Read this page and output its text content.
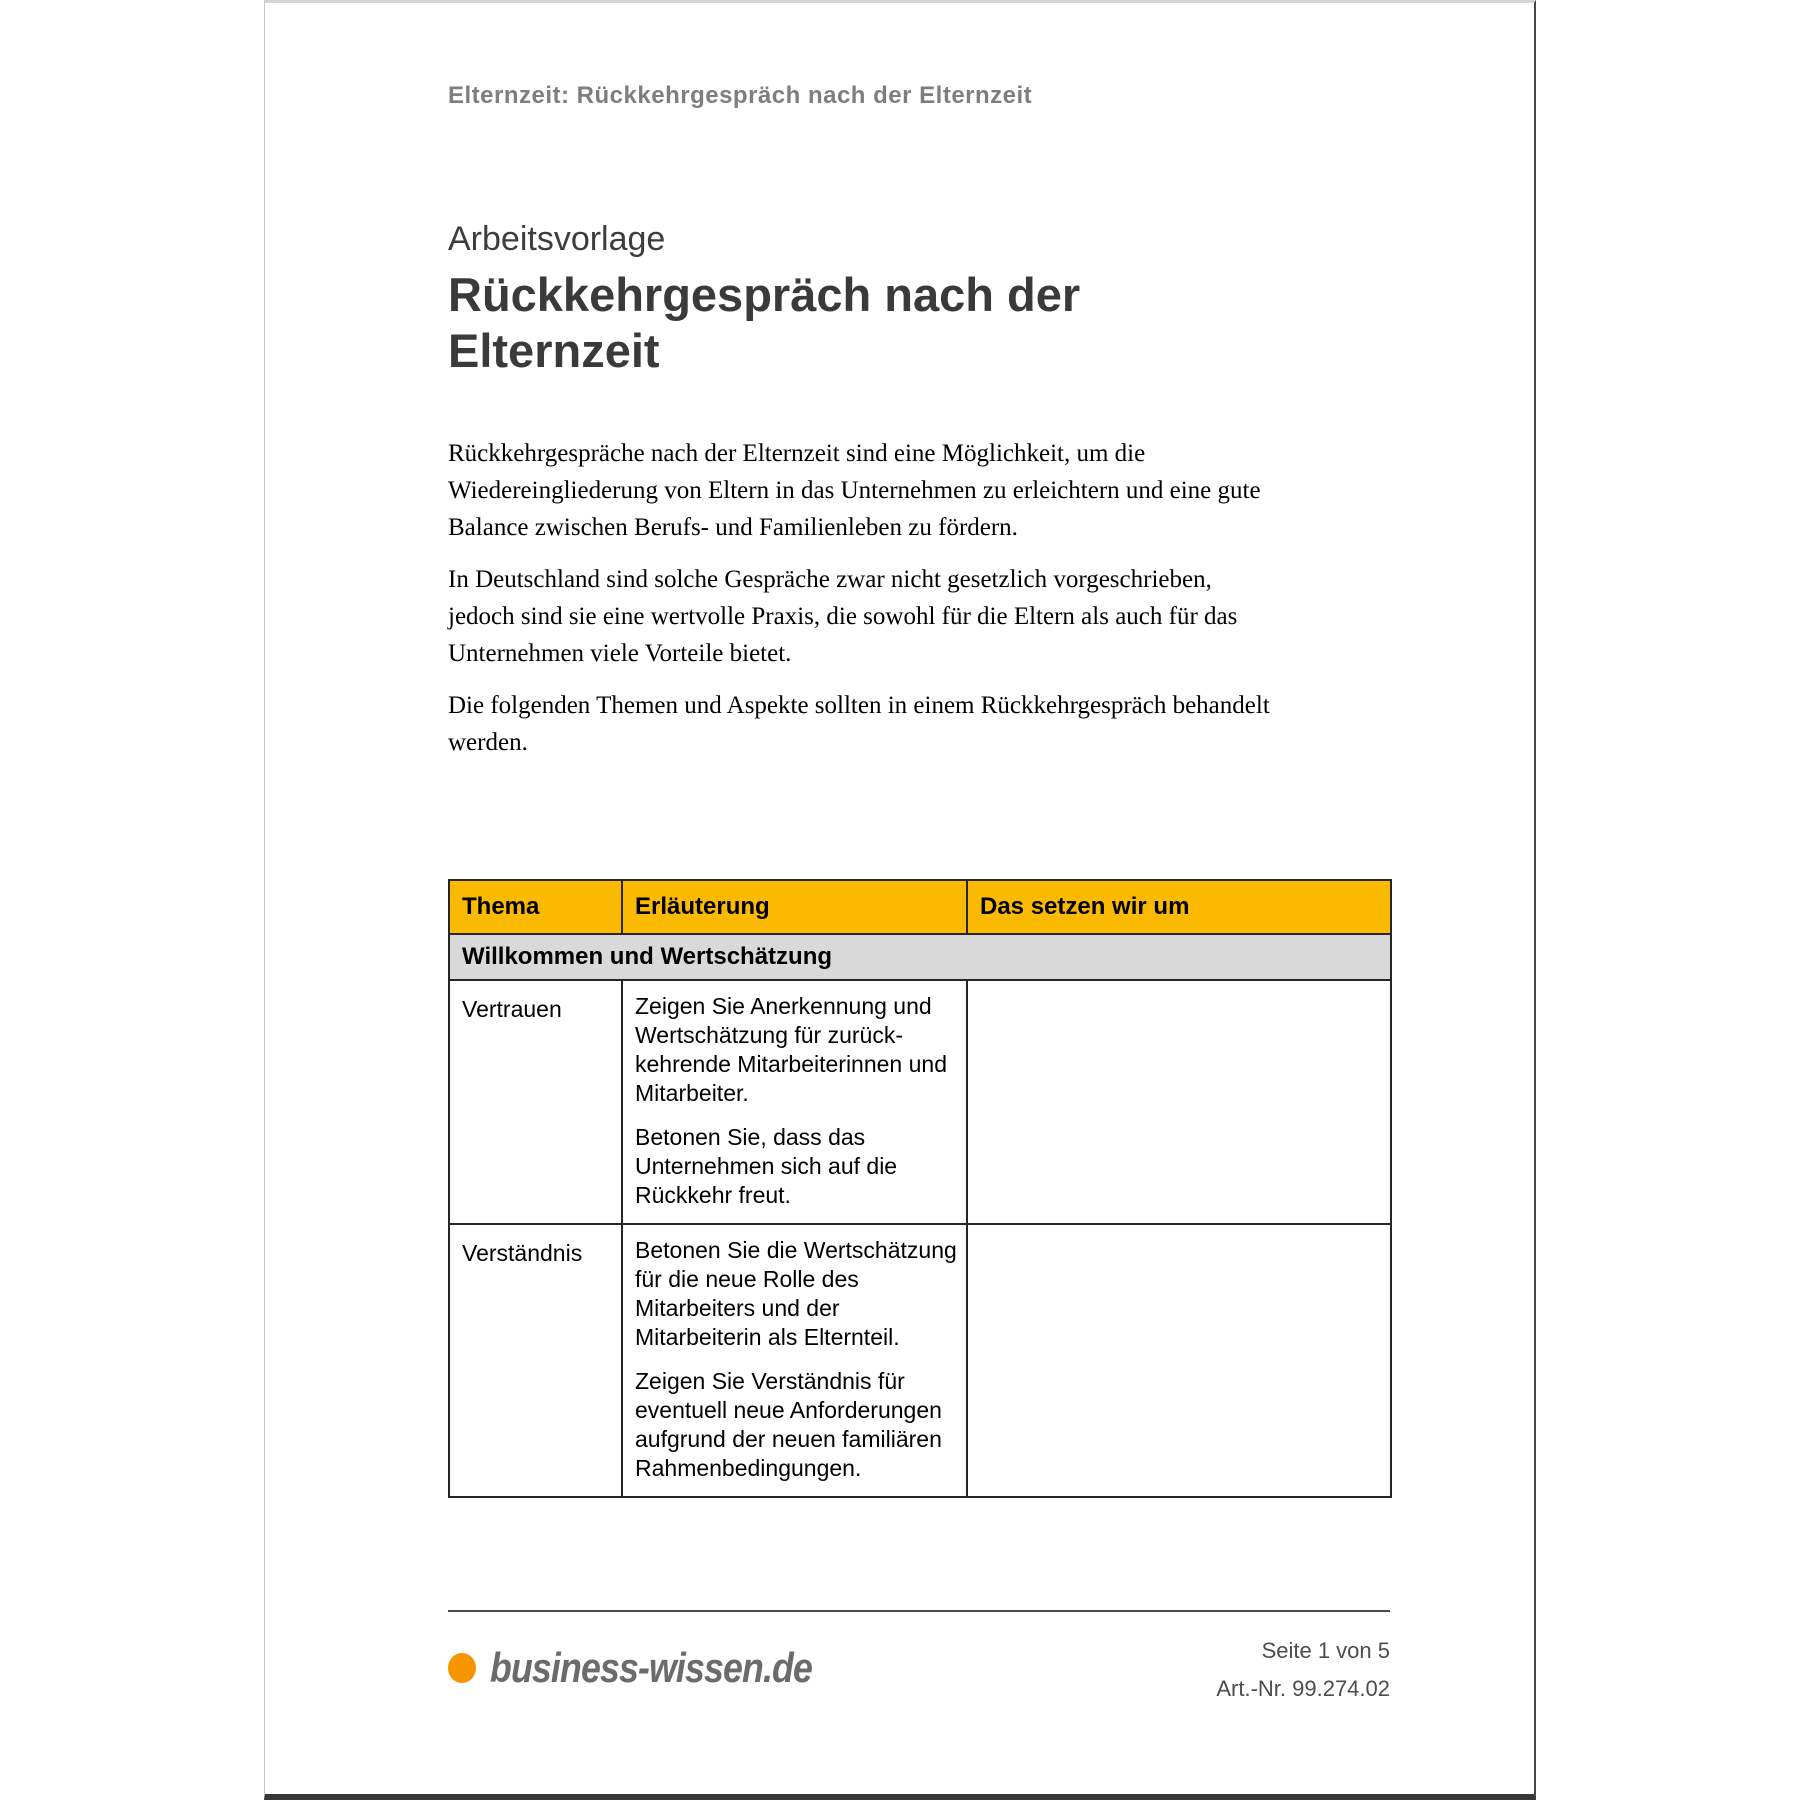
Elternzeit: Rückkehrgespräch nach der Elternzeit
Arbeitsvorlage
Rückkehrgespräch nach der Elternzeit

Rückkehrgespräche nach der Elternzeit sind eine Möglichkeit, um die Wiedereingliederung von Eltern in das Unternehmen zu erleichtern und eine gute Balance zwischen Berufs- und Familienleben zu fördern.

In Deutschland sind solche Gespräche zwar nicht gesetzlich vorgeschrieben, jedoch sind sie eine wertvolle Praxis, die sowohl für die Eltern als auch für das Unternehmen viele Vorteile bietet.

Die folgenden Themen und Aspekte sollten in einem Rückkehrgespräch behandelt werden.

Thema	Erläuterung	Das setzen wir um
Willkommen und Wertschätzung		
Vertrauen	Zeigen Sie Anerkennung und Wertschätzung für zurück-kehrende Mitarbeiterinnen und Mitarbeiter.

Betonen Sie, dass das Unternehmen sich auf die Rückkehr freut.	

Verständnis	Betonen Sie die Wertschätzung für die neue Rolle des Mitarbeiters und der Mitarbeiterin als Elternteil.

Zeigen Sie Verständnis für eventuell neue Anforderungen aufgrund der neuen familiären Rahmenbedingungen.	

business-wissen.de	Seite 1 von 5
Art.-Nr. 99.274.02
